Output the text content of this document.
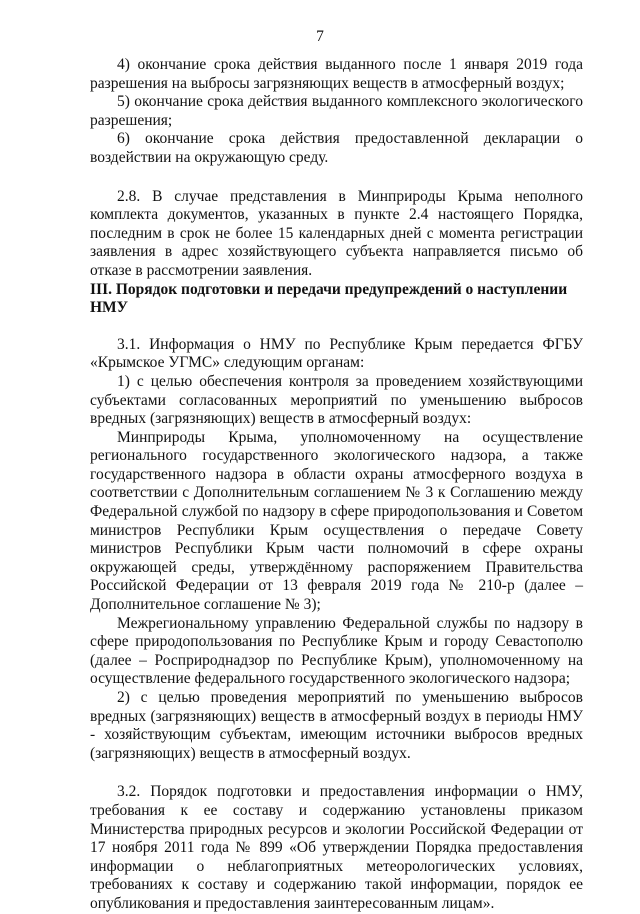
7

4) окончание срока действия выданного после 1 января 2019 года разрешения на выбросы загрязняющих веществ в атмосферный воздух;

5) окончание срока действия выданного комплексного экологического разрешения;

6) окончание срока действия предоставленной декларации о воздействии на окружающую среду.

2.8. В случае представления в Минприроды Крыма неполного комплекта документов, указанных в пункте 2.4 настоящего Порядка, последним в срок не более 15 календарных дней с момента регистрации заявления в адрес хозяйствующего субъекта направляется письмо об отказе в рассмотрении заявления.

III. Порядок подготовки и передачи предупреждений о наступлении НМУ

3.1. Информация о НМУ по Республике Крым передается ФГБУ «Крымское УГМС» следующим органам:

1) с целью обеспечения контроля за проведением хозяйствующими субъектами согласованных мероприятий по уменьшению выбросов вредных (загрязняющих) веществ в атмосферный воздух:

Минприроды Крыма, уполномоченному на осуществление регионального государственного экологического надзора, а также государственного надзора в области охраны атмосферного воздуха в соответствии с Дополнительным соглашением № 3 к Соглашению между Федеральной службой по надзору в сфере природопользования и Советом министров Республики Крым осуществления о передаче Совету министров Республики Крым части полномочий в сфере охраны окружающей среды, утверждённому распоряжением Правительства Российской Федерации от 13 февраля 2019 года № 210-р (далее – Дополнительное соглашение № 3);

Межрегиональному управлению Федеральной службы по надзору в сфере природопользования по Республике Крым и городу Севастополю (далее – Росприроднадзор по Республике Крым), уполномоченному на осуществление федерального государственного экологического надзора;

2) с целью проведения мероприятий по уменьшению выбросов вредных (загрязняющих) веществ в атмосферный воздух в периоды НМУ - хозяйствующим субъектам, имеющим источники выбросов вредных (загрязняющих) веществ в атмосферный воздух.

3.2. Порядок подготовки и предоставления информации о НМУ, требования к ее составу и содержанию установлены приказом Министерства природных ресурсов и экологии Российской Федерации от 17 ноября 2011 года № 899 «Об утверждении Порядка предоставления информации о неблагоприятных метеорологических условиях, требованиях к составу и содержанию такой информации, порядок ее опубликования и предоставления заинтересованным лицам».
